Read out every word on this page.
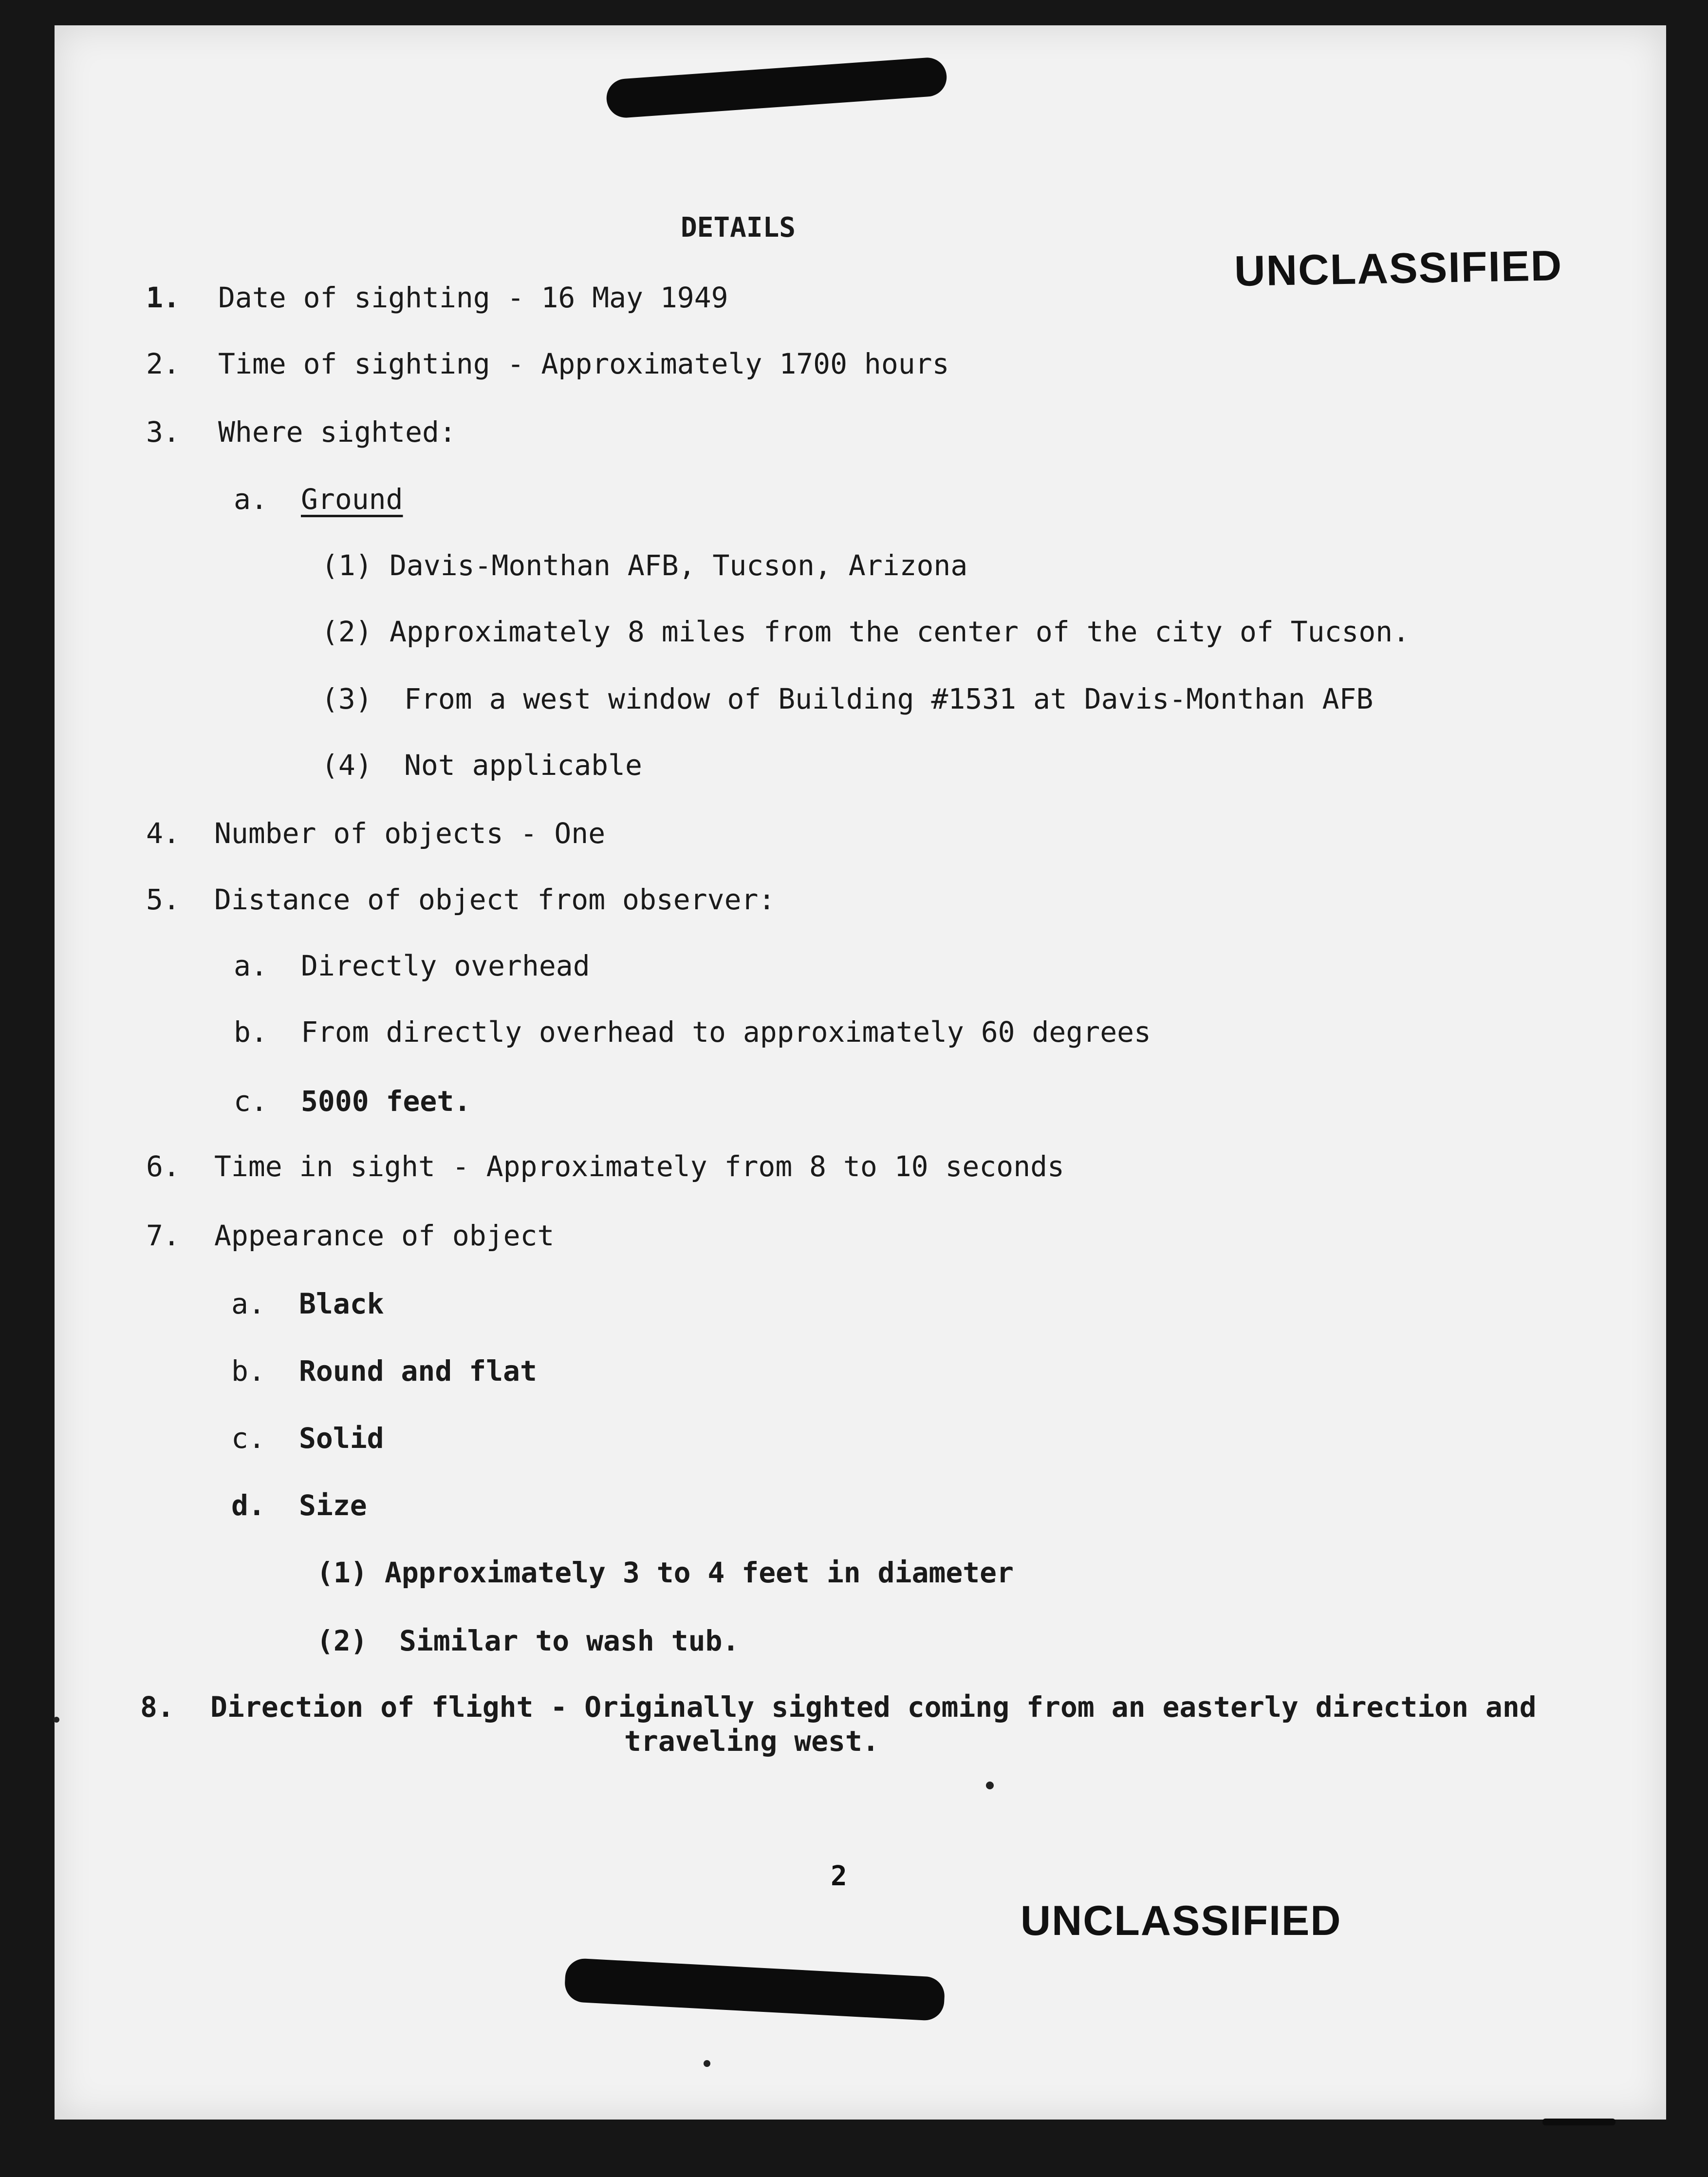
UNCLASSIFIED
DETAILS
1. Date of sighting - 16 May 1949
2. Time of sighting - Approximately 1700 hours
3. Where sighted:
a. Ground
(1) Davis-Monthan AFB, Tucson, Arizona
(2) Approximately 8 miles from the center of the city of Tucson.
(3) From a west window of Building #1531 at Davis-Monthan AFB
(4) Not applicable
4. Number of objects - One
5. Distance of object from observer:
a. Directly overhead
b. From directly overhead to approximately 60 degrees
c. 5000 feet.
6. Time in sight - Approximately from 8 to 10 seconds
7. Appearance of object
a. Black
b. Round and flat
c. Solid
d. Size
(1) Approximately 3 to 4 feet in diameter
(2) Similar to wash tub.
8. Direction of flight - Originally sighted coming from an easterly direction and
traveling west.
2
UNCLASSIFIED
